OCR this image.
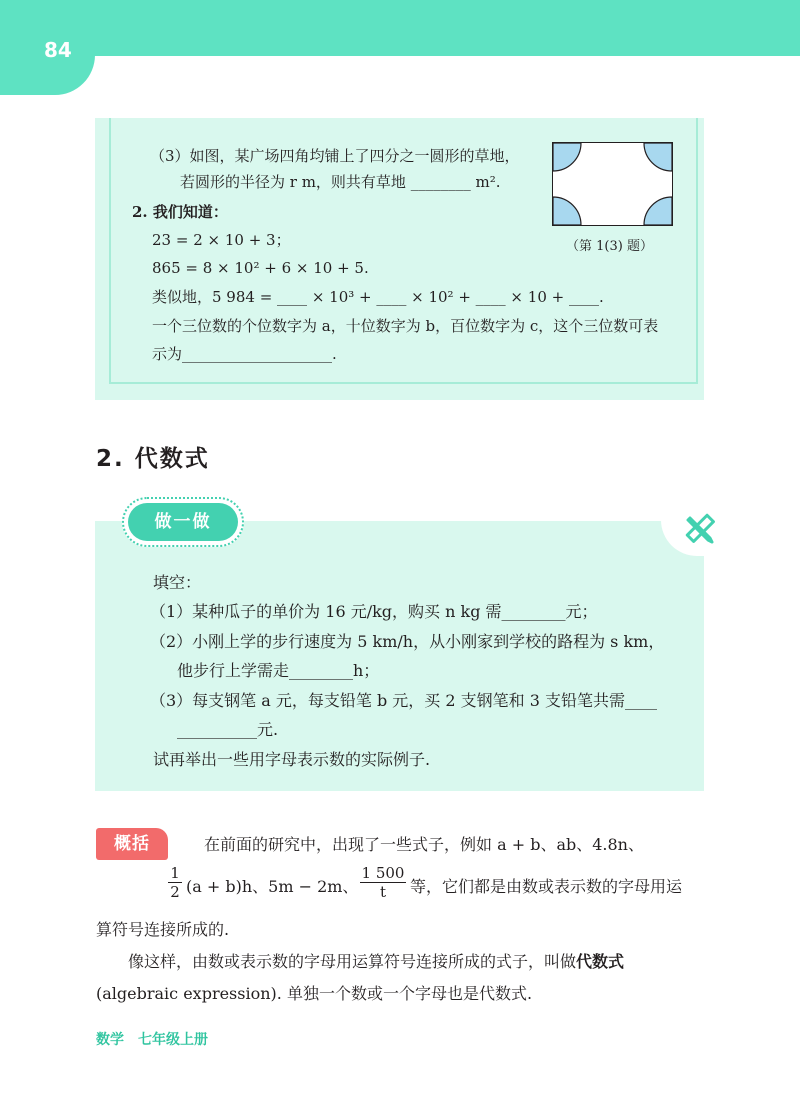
84
（3）如图，某广场四角均铺上了四分之一圆形的草地，
若圆形的半径为 r m，则共有草地 ________ m².
2. 我们知道：
23 = 2 × 10 + 3；
865 = 8 × 10² + 6 × 10 + 5.
类似地，5 984 = ____ × 10³ + ____ × 10² + ____ × 10 + ____.
一个三位数的个位数字为 a，十位数字为 b，百位数字为 c，这个三位数可表
示为____________________.
（第 1(3) 题）
2. 代数式
做一做
填空：
（1）某种瓜子的单价为 16 元/kg，购买 n kg 需________元；
（2）小刚上学的步行速度为 5 km/h，从小刚家到学校的路程为 s km，
他步行上学需走________h；
（3）每支钢笔 a 元，每支铅笔 b 元，买 2 支钢笔和 3 支铅笔共需____
__________元.
试再举出一些用字母表示数的实际例子.
概括	在前面的研究中，出现了一些式子，例如 a + b、ab、4.8n、
$\frac{1}{2} (a + b)h$、5m − 2m、 $\frac{1 500}{t}$ 等，它们都是由数或表示数的字母用运
算符号连接所成的.
像这样，由数或表示数的字母用运算符号连接所成的式子，叫做代数式
(algebraic expression). 单独一个数或一个字母也是代数式.
数学 七年级上册
